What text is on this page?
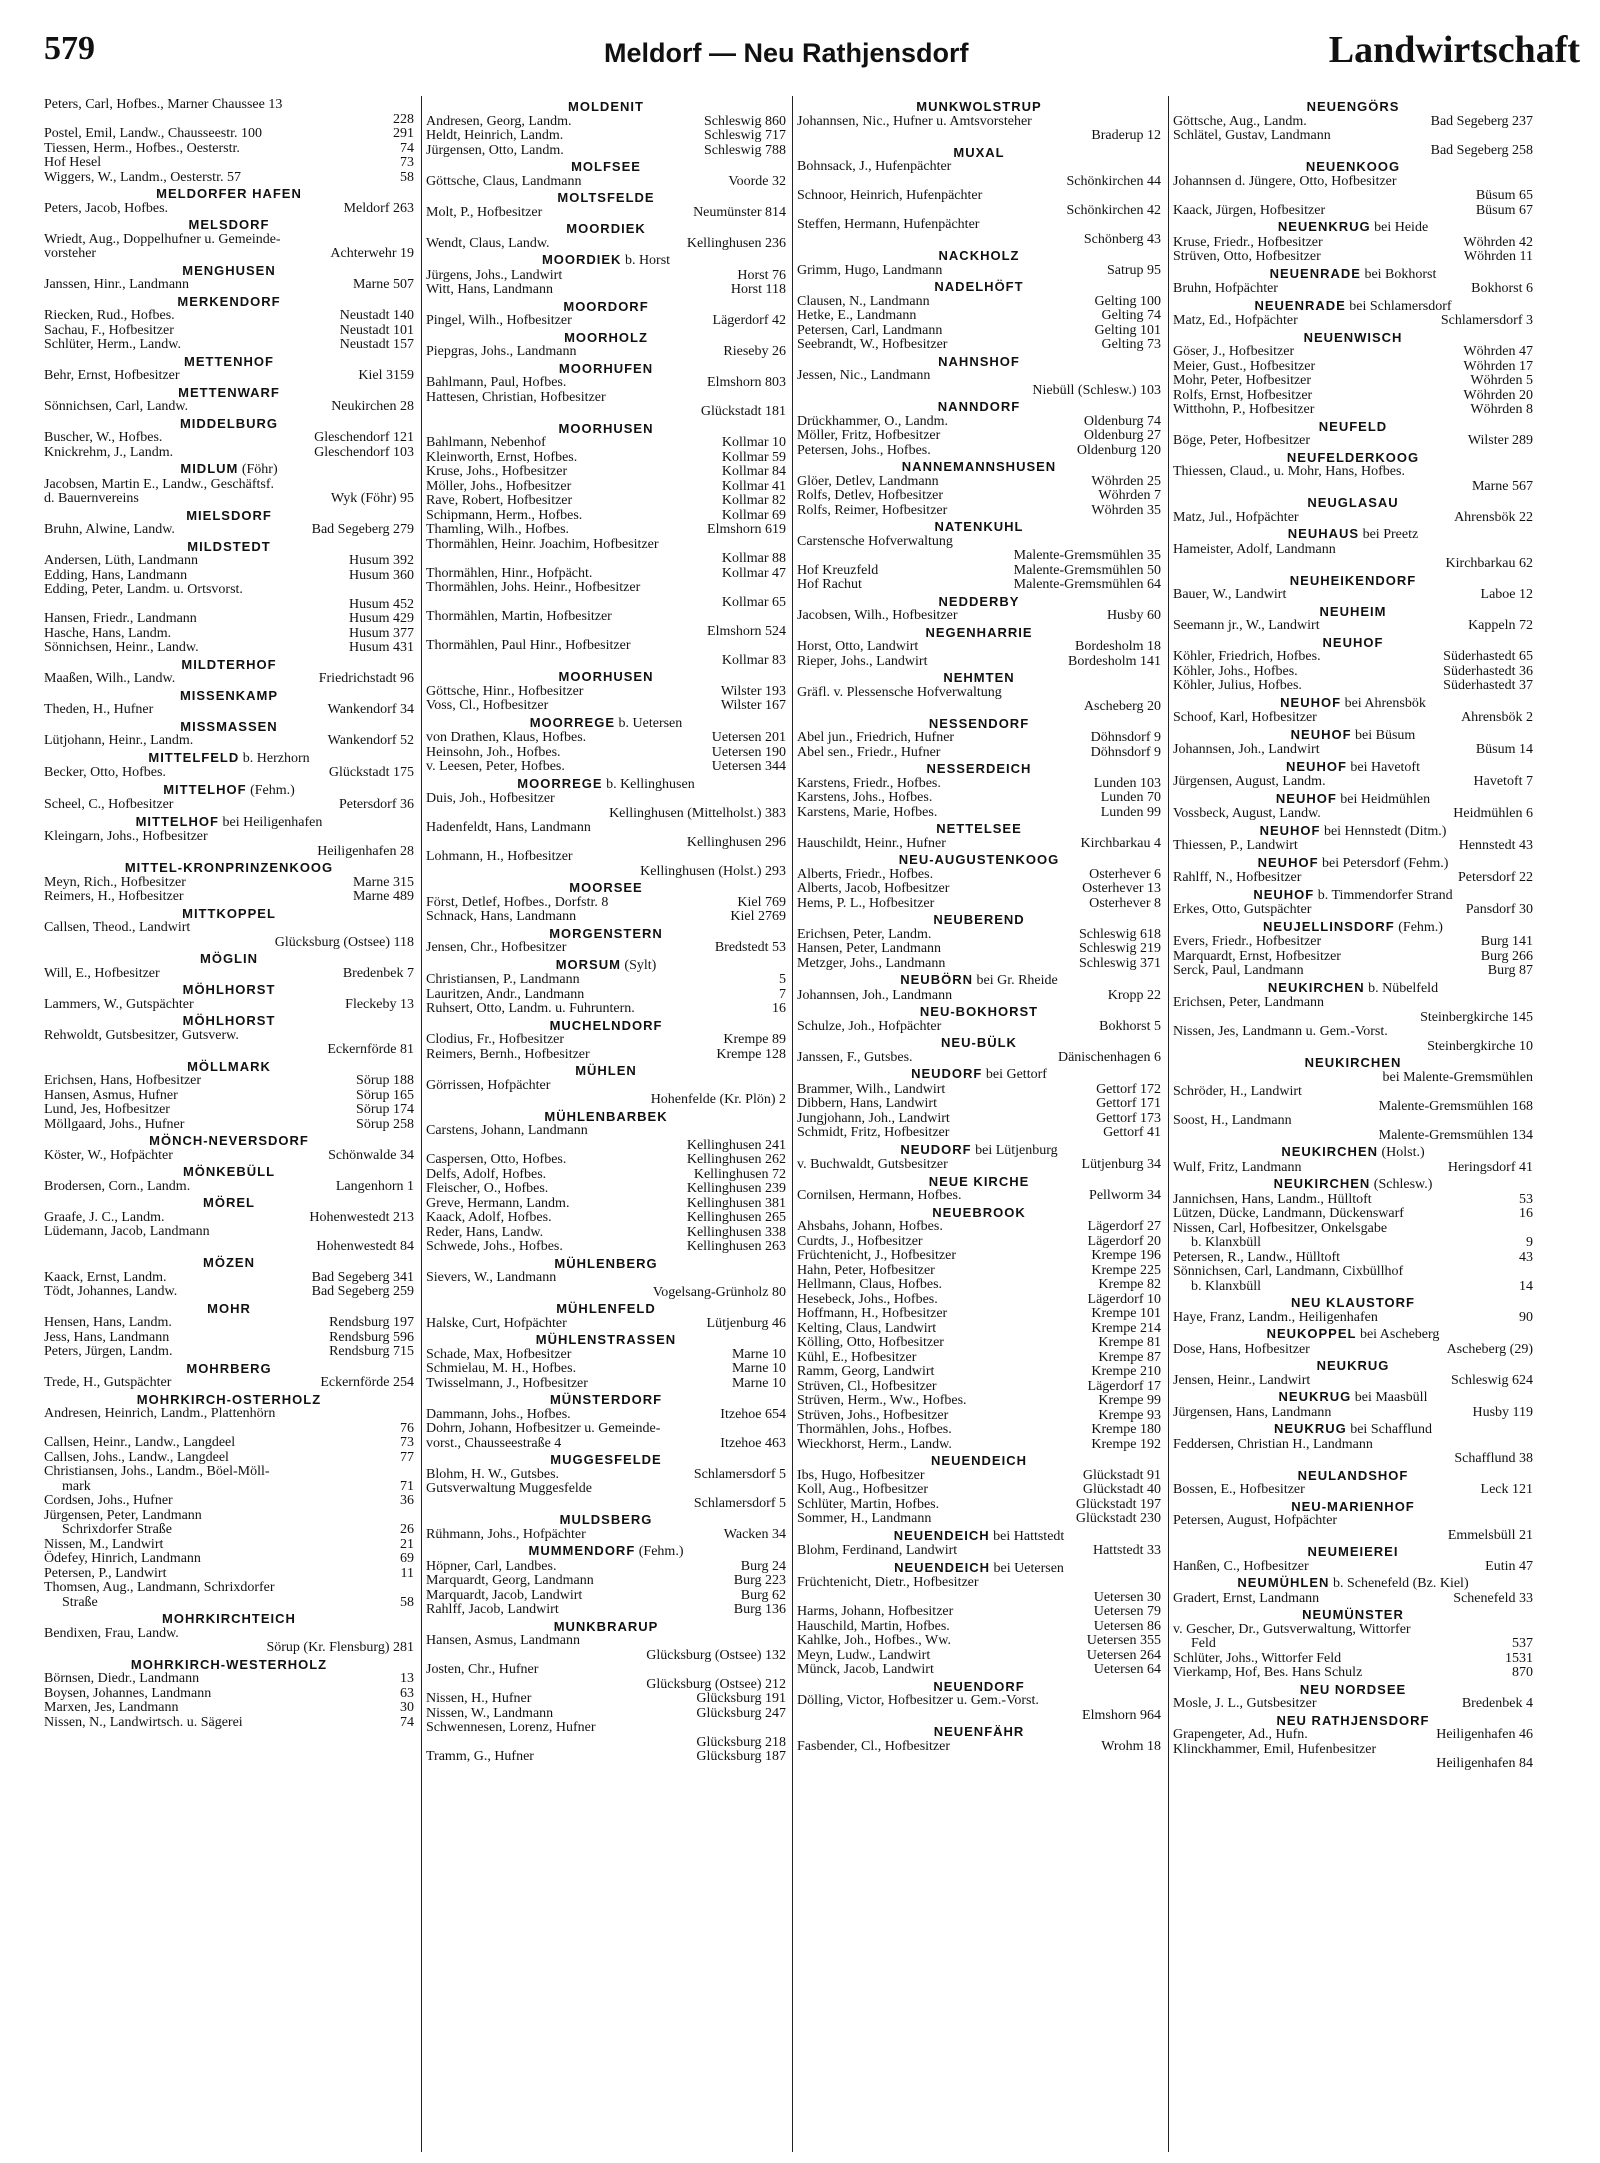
579	Meldorf — Neu Rathjensdorf	Landwirtschaft
Peters, Carl, Hofbes., Marner Chaussee 13
228
Postel, Emil, Landw., Chausseestr. 100	291
Tiessen, Herm., Hofbes., Oesterstr.	74
Hof Hesel	73
Wiggers, W., Landm., Oesterstr. 57	58
MELDORFER HAFEN
Peters, Jacob, Hofbes.	Meldorf 263
MELSDORF
Wriedt, Aug., Doppelhufner u. Gemeinde-
vorsteher	Achterwehr 19
MENGHUSEN
Janssen, Hinr., Landmann	Marne 507
MERKENDORF
Riecken, Rud., Hofbes.	Neustadt 140
Sachau, F., Hofbesitzer	Neustadt 101
Schlüter, Herm., Landw.	Neustadt 157
METTENHOF
Behr, Ernst, Hofbesitzer	Kiel 3159
METTENWARF
Sönnichsen, Carl, Landw.	Neukirchen 28
MIDDELBURG
Buscher, W., Hofbes.	Gleschendorf 121
Knickrehm, J., Landm.	Gleschendorf 103
MIDLUM (Föhr)
Jacobsen, Martin E., Landw., Geschäftsf.
d. Bauernvereins	Wyk (Föhr) 95
MIELSDORF
Bruhn, Alwine, Landw.	Bad Segeberg 279
MILDSTEDT
Andersen, Lüth, Landmann	Husum 392
Edding, Hans, Landmann	Husum 360
Edding, Peter, Landm. u. Ortsvorst.
Husum 452
Hansen, Friedr., Landmann	Husum 429
Hasche, Hans, Landm.	Husum 377
Sönnichsen, Heinr., Landw.	Husum 431
MILDTERHOF
Maaßen, Wilh., Landw.	Friedrichstadt 96
MISSENKAMP
Theden, H., Hufner	Wankendorf 34
MISSMASSEN
Lütjohann, Heinr., Landm.	Wankendorf 52
MITTELFELD b. Herzhorn
Becker, Otto, Hofbes.	Glückstadt 175
MITTELHOF (Fehm.)
Scheel, C., Hofbesitzer	Petersdorf 36
MITTELHOF bei Heiligenhafen
Kleingarn, Johs., Hofbesitzer
Heiligenhafen 28
MITTEL-KRONPRINZENKOOG
Meyn, Rich., Hofbesitzer	Marne 315
Reimers, H., Hofbesitzer	Marne 489
MITTKOPPEL
Callsen, Theod., Landwirt
Glücksburg (Ostsee) 118
MÖGLIN
Will, E., Hofbesitzer	Bredenbek 7
MÖHLHORST
Lammers, W., Gutspächter	Fleckeby 13
MÖHLHORST
Rehwoldt, Gutsbesitzer, Gutsverw.
Eckernförde 81
MÖLLMARK
Erichsen, Hans, Hofbesitzer	Sörup 188
Hansen, Asmus, Hufner	Sörup 165
Lund, Jes, Hofbesitzer	Sörup 174
Möllgaard, Johs., Hufner	Sörup 258
MÖNCH-NEVERSDORF
Köster, W., Hofpächter	Schönwalde 34
MÖNKEBÜLL
Brodersen, Corn., Landm.	Langenhorn 1
MÖREL
Graafe, J. C., Landm.	Hohenwestedt 213
Lüdemann, Jacob, Landmann
Hohenwestedt 84
MÖZEN
Kaack, Ernst, Landm.	Bad Segeberg 341
Tödt, Johannes, Landw.	Bad Segeberg 259
MOHR
Hensen, Hans, Landm.	Rendsburg 197
Jess, Hans, Landmann	Rendsburg 596
Peters, Jürgen, Landm.	Rendsburg 715
MOHRBERG
Trede, H., Gutspächter	Eckernförde 254
MOHRKIRCH-OSTERHOLZ
Andresen, Heinrich, Landm., Plattenhörn
76
Callsen, Heinr., Landw., Langdeel	73
Callsen, Johs., Landw., Langdeel	77
Christiansen, Johs., Landm., Böel-Möll-
mark	71
Cordsen, Johs., Hufner	36
Jürgensen, Peter, Landmann
Schrixdorfer Straße	26
Nissen, M., Landwirt	21
Ödefey, Hinrich, Landmann	69
Petersen, P., Landwirt	11
Thomsen, Aug., Landmann, Schrixdorfer
Straße	58
MOHRKIRCHTEICH
Bendixen, Frau, Landw.
Sörup (Kr. Flensburg) 281
MOHRKIRCH-WESTERHOLZ
Börnsen, Diedr., Landmann	13
Boysen, Johannes, Landmann	63
Marxen, Jes, Landmann	30
Nissen, N., Landwirtsch. u. Sägerei	74
MOLDENIT
Andresen, Georg, Landm.	Schleswig 860
Heldt, Heinrich, Landm.	Schleswig 717
Jürgensen, Otto, Landm.	Schleswig 788
MOLFSEE
Göttsche, Claus, Landmann	Voorde 32
MOLTSFELDE
Molt, P., Hofbesitzer	Neumünster 814
MOORDIEK
Wendt, Claus, Landw.	Kellinghusen 236
MOORDIEK b. Horst
Jürgens, Johs., Landwirt	Horst 76
Witt, Hans, Landmann	Horst 118
MOORDORF
Pingel, Wilh., Hofbesitzer	Lägerdorf 42
MOORHOLZ
Piepgras, Johs., Landmann	Rieseby 26
MOORHUFEN
Bahlmann, Paul, Hofbes.	Elmshorn 803
Hattesen, Christian, Hofbesitzer
Glückstadt 181
MOORHUSEN
Bahlmann, Nebenhof	Kollmar 10
Kleinworth, Ernst, Hofbes.	Kollmar 59
Kruse, Johs., Hofbesitzer	Kollmar 84
Möller, Johs., Hofbesitzer	Kollmar 41
Rave, Robert, Hofbesitzer	Kollmar 82
Schipmann, Herm., Hofbes.	Kollmar 69
Thamling, Wilh., Hofbes.	Elmshorn 619
Thormählen, Heinr. Joachim, Hofbesitzer
Kollmar 88
Thormählen, Hinr., Hofpächt.	Kollmar 47
Thormählen, Johs. Heinr., Hofbesitzer
Kollmar 65
Thormählen, Martin, Hofbesitzer
Elmshorn 524
Thormählen, Paul Hinr., Hofbesitzer
Kollmar 83
MOORHUSEN
Göttsche, Hinr., Hofbesitzer	Wilster 193
Voss, Cl., Hofbesitzer	Wilster 167
MOORREGE b. Uetersen
von Drathen, Klaus, Hofbes.	Uetersen 201
Heinsohn, Joh., Hofbes.	Uetersen 190
v. Leesen, Peter, Hofbes.	Uetersen 344
MOORREGE b. Kellinghusen
Duis, Joh., Hofbesitzer
Kellinghusen (Mittelholst.) 383
Hadenfeldt, Hans, Landmann
Kellinghusen 296
Lohmann, H., Hofbesitzer
Kellinghusen (Holst.) 293
MOORSEE
Först, Detlef, Hofbes., Dorfstr. 8	Kiel 769
Schnack, Hans, Landmann	Kiel 2769
MORGENSTERN
Jensen, Chr., Hofbesitzer	Bredstedt 53
MORSUM (Sylt)
Christiansen, P., Landmann	5
Lauritzen, Andr., Landmann	7
Ruhsert, Otto, Landm. u. Fuhruntern.	16
MUCHELNDORF
Clodius, Fr., Hofbesitzer	Krempe 89
Reimers, Bernh., Hofbesitzer	Krempe 128
MÜHLEN
Görrissen, Hofpächter
Hohenfelde (Kr. Plön) 2
MÜHLENBARBEK
Carstens, Johann, Landmann
Kellinghusen 241
Caspersen, Otto, Hofbes.	Kellinghusen 262
Delfs, Adolf, Hofbes.	Kellinghusen 72
Fleischer, O., Hofbes.	Kellinghusen 239
Greve, Hermann, Landm.	Kellinghusen 381
Kaack, Adolf, Hofbes.	Kellinghusen 265
Reder, Hans, Landw.	Kellinghusen 338
Schwede, Johs., Hofbes.	Kellinghusen 263
MÜHLENBERG
Sievers, W., Landmann
Vogelsang-Grünholz 80
MÜHLENFELD
Halske, Curt, Hofpächter	Lütjenburg 46
MÜHLENSTRASSEN
Schade, Max, Hofbesitzer	Marne 10
Schmielau, M. H., Hofbes.	Marne 10
Twisselmann, J., Hofbesitzer	Marne 10
MÜNSTERDORF
Dammann, Johs., Hofbes.	Itzehoe 654
Dohrn, Johann, Hofbesitzer u. Gemeinde-
vorst., Chausseestraße 4	Itzehoe 463
MUGGESFELDE
Blohm, H. W., Gutsbes.	Schlamersdorf 5
Gutsverwaltung Muggesfelde
Schlamersdorf 5
MULDSBERG
Rühmann, Johs., Hofpächter	Wacken 34
MUMMENDORF (Fehm.)
Höpner, Carl, Landbes.	Burg 24
Marquardt, Georg, Landmann	Burg 223
Marquardt, Jacob, Landwirt	Burg 62
Rahlff, Jacob, Landwirt	Burg 136
MUNKBRARUP
Hansen, Asmus, Landmann
Glücksburg (Ostsee) 132
Josten, Chr., Hufner
Glücksburg (Ostsee) 212
Nissen, H., Hufner	Glücksburg 191
Nissen, W., Landmann	Glücksburg 247
Schwennesen, Lorenz, Hufner
Glücksburg 218
Tramm, G., Hufner	Glücksburg 187
MUNKWOLSTRUP
Johannsen, Nic., Hufner u. Amtsvorsteher
Braderup 12
MUXAL
Bohnsack, J., Hufenpächter
Schönkirchen 44
Schnoor, Heinrich, Hufenpächter
Schönkirchen 42
Steffen, Hermann, Hufenpächter
Schönberg 43
NACKHOLZ
Grimm, Hugo, Landmann	Satrup 95
NADELHÖFT
Clausen, N., Landmann	Gelting 100
Hetke, E., Landmann	Gelting 74
Petersen, Carl, Landmann	Gelting 101
Seebrandt, W., Hofbesitzer	Gelting 73
NAHNSHOF
Jessen, Nic., Landmann
Niebüll (Schlesw.) 103
NANNDORF
Drückhammer, O., Landm.	Oldenburg 74
Möller, Fritz, Hofbesitzer	Oldenburg 27
Petersen, Johs., Hofbes.	Oldenburg 120
NANNEMANNSHUSEN
Glöer, Detlev, Landmann	Wöhrden 25
Rolfs, Detlev, Hofbesitzer	Wöhrden 7
Rolfs, Reimer, Hofbesitzer	Wöhrden 35
NATENKUHL
Carstensche Hofverwaltung
Malente-Gremsmühlen 35
Hof Kreuzfeld	Malente-Gremsmühlen 50
Hof Rachut	Malente-Gremsmühlen 64
NEDDERBY
Jacobsen, Wilh., Hofbesitzer	Husby 60
NEGENHARRIE
Horst, Otto, Landwirt	Bordesholm 18
Rieper, Johs., Landwirt	Bordesholm 141
NEHMTEN
Gräfl. v. Plessensche Hofverwaltung
Ascheberg 20
NESSENDORF
Abel jun., Friedrich, Hufner	Döhnsdorf 9
Abel sen., Friedr., Hufner	Döhnsdorf 9
NESSERDEICH
Karstens, Friedr., Hofbes.	Lunden 103
Karstens, Johs., Hofbes.	Lunden 70
Karstens, Marie, Hofbes.	Lunden 99
NETTELSEE
Hauschildt, Heinr., Hufner	Kirchbarkau 4
NEU-AUGUSTENKOOG
Alberts, Friedr., Hofbes.	Osterhever 6
Alberts, Jacob, Hofbesitzer	Osterhever 13
Hems, P. L., Hofbesitzer	Osterhever 8
NEUBEREND
Erichsen, Peter, Landm.	Schleswig 618
Hansen, Peter, Landmann	Schleswig 219
Metzger, Johs., Landmann	Schleswig 371
NEUBÖRN bei Gr. Rheide
Johannsen, Joh., Landmann	Kropp 22
NEU-BOKHORST
Schulze, Joh., Hofpächter	Bokhorst 5
NEU-BÜLK
Janssen, F., Gutsbes.	Dänischenhagen 6
NEUDORF bei Gettorf
Brammer, Wilh., Landwirt	Gettorf 172
Dibbern, Hans, Landwirt	Gettorf 171
Jungjohann, Joh., Landwirt	Gettorf 173
Schmidt, Fritz, Hofbesitzer	Gettorf 41
NEUDORF bei Lütjenburg
v. Buchwaldt, Gutsbesitzer	Lütjenburg 34
NEUE KIRCHE
Cornilsen, Hermann, Hofbes.	Pellworm 34
NEUEBROOK
Ahsbahs, Johann, Hofbes.	Lägerdorf 27
Curdts, J., Hofbesitzer	Lägerdorf 20
Früchtenicht, J., Hofbesitzer	Krempe 196
Hahn, Peter, Hofbesitzer	Krempe 225
Hellmann, Claus, Hofbes.	Krempe 82
Hesebeck, Johs., Hofbes.	Lägerdorf 10
Hoffmann, H., Hofbesitzer	Krempe 101
Kelting, Claus, Landwirt	Krempe 214
Kölling, Otto, Hofbesitzer	Krempe 81
Kühl, E., Hofbesitzer	Krempe 87
Ramm, Georg, Landwirt	Krempe 210
Strüven, Cl., Hofbesitzer	Lägerdorf 17
Strüven, Herm., Ww., Hofbes.	Krempe 99
Strüven, Johs., Hofbesitzer	Krempe 93
Thormählen, Johs., Hofbes.	Krempe 180
Wieckhorst, Herm., Landw.	Krempe 192
NEUENDEICH
Ibs, Hugo, Hofbesitzer	Glückstadt 91
Koll, Aug., Hofbesitzer	Glückstadt 40
Schlüter, Martin, Hofbes.	Glückstadt 197
Sommer, H., Landmann	Glückstadt 230
NEUENDEICH bei Hattstedt
Blohm, Ferdinand, Landwirt	Hattstedt 33
NEUENDEICH bei Uetersen
Früchtenicht, Dietr., Hofbesitzer
Uetersen 30
Harms, Johann, Hofbesitzer	Uetersen 79
Hauschild, Martin, Hofbes.	Uetersen 86
Kahlke, Joh., Hofbes., Ww.	Uetersen 355
Meyn, Ludw., Landwirt	Uetersen 264
Münck, Jacob, Landwirt	Uetersen 64
NEUENDORF
Dölling, Victor, Hofbesitzer u. Gem.-Vorst.
Elmshorn 964
NEUENFÄHR
Fasbender, Cl., Hofbesitzer	Wrohm 18
NEUENGÖRS
Göttsche, Aug., Landm.	Bad Segeberg 237
Schlätel, Gustav, Landmann
Bad Segeberg 258
NEUENKOOG
Johannsen d. Jüngere, Otto, Hofbesitzer
Büsum 65
Kaack, Jürgen, Hofbesitzer	Büsum 67
NEUENKRUG bei Heide
Kruse, Friedr., Hofbesitzer	Wöhrden 42
Strüven, Otto, Hofbesitzer	Wöhrden 11
NEUENRADE bei Bokhorst
Bruhn, Hofpächter	Bokhorst 6
NEUENRADE bei Schlamersdorf
Matz, Ed., Hofpächter	Schlamersdorf 3
NEUENWISCH
Göser, J., Hofbesitzer	Wöhrden 47
Meier, Gust., Hofbesitzer	Wöhrden 17
Mohr, Peter, Hofbesitzer	Wöhrden 5
Rolfs, Ernst, Hofbesitzer	Wöhrden 20
Witthohn, P., Hofbesitzer	Wöhrden 8
NEUFELD
Böge, Peter, Hofbesitzer	Wilster 289
NEUFELDERKOOG
Thiessen, Claud., u. Mohr, Hans, Hofbes.
Marne 567
NEUGLASAU
Matz, Jul., Hofpächter	Ahrensbök 22
NEUHAUS bei Preetz
Hameister, Adolf, Landmann
Kirchbarkau 62
NEUHEIKENDORF
Bauer, W., Landwirt	Laboe 12
NEUHEIM
Seemann jr., W., Landwirt	Kappeln 72
NEUHOF
Köhler, Friedrich, Hofbes.	Süderhastedt 65
Köhler, Johs., Hofbes.	Süderhastedt 36
Köhler, Julius, Hofbes.	Süderhastedt 37
NEUHOF bei Ahrensbök
Schoof, Karl, Hofbesitzer	Ahrensbök 2
NEUHOF bei Büsum
Johannsen, Joh., Landwirt	Büsum 14
NEUHOF bei Havetoft
Jürgensen, August, Landm.	Havetoft 7
NEUHOF bei Heidmühlen
Vossbeck, August, Landw.	Heidmühlen 6
NEUHOF bei Hennstedt (Ditm.)
Thiessen, P., Landwirt	Hennstedt 43
NEUHOF bei Petersdorf (Fehm.)
Rahlff, N., Hofbesitzer	Petersdorf 22
NEUHOF b. Timmendorfer Strand
Erkes, Otto, Gutspächter	Pansdorf 30
NEUJELLINSDORF (Fehm.)
Evers, Friedr., Hofbesitzer	Burg 141
Marquardt, Ernst, Hofbesitzer	Burg 266
Serck, Paul, Landmann	Burg 87
NEUKIRCHEN b. Nübelfeld
Erichsen, Peter, Landmann
Steinbergkirche 145
Nissen, Jes, Landmann u. Gem.-Vorst.
Steinbergkirche 10
NEUKIRCHEN
bei Malente-Gremsmühlen
Schröder, H., Landwirt
Malente-Gremsmühlen 168
Soost, H., Landmann
Malente-Gremsmühlen 134
NEUKIRCHEN (Holst.)
Wulf, Fritz, Landmann	Heringsdorf 41
NEUKIRCHEN (Schlesw.)
Jannichsen, Hans, Landm., Hülltoft	53
Lützen, Dücke, Landmann, Dückenswarf	16
Nissen, Carl, Hofbesitzer, Onkelsgabe
b. Klanxbüll	9
Petersen, R., Landw., Hülltoft	43
Sönnichsen, Carl, Landmann, Cixbüllhof
b. Klanxbüll	14
NEU KLAUSTORF
Haye, Franz, Landm., Heiligenhafen	90
NEUKOPPEL bei Ascheberg
Dose, Hans, Hofbesitzer	Ascheberg (29)
NEUKRUG
Jensen, Heinr., Landwirt	Schleswig 624
NEUKRUG bei Maasbüll
Jürgensen, Hans, Landmann	Husby 119
NEUKRUG bei Schafflund
Feddersen, Christian H., Landmann
Schafflund 38
NEULANDSHOF
Bossen, E., Hofbesitzer	Leck 121
NEU-MARIENHOF
Petersen, August, Hofpächter
Emmelsbüll 21
NEUMEIEREI
Hanßen, C., Hofbesitzer	Eutin 47
NEUMÜHLEN b. Schenefeld (Bz. Kiel)
Gradert, Ernst, Landmann	Schenefeld 33
NEUMÜNSTER
v. Gescher, Dr., Gutsverwaltung, Wittorfer
Feld	537
Schlüter, Johs., Wittorfer Feld	1531
Vierkamp, Hof, Bes. Hans Schulz	870
NEU NORDSEE
Mosle, J. L., Gutsbesitzer	Bredenbek 4
NEU RATHJENSDORF
Grapengeter, Ad., Hufn.	Heiligenhafen 46
Klinckhammer, Emil, Hufenbesitzer
Heiligenhafen 84
